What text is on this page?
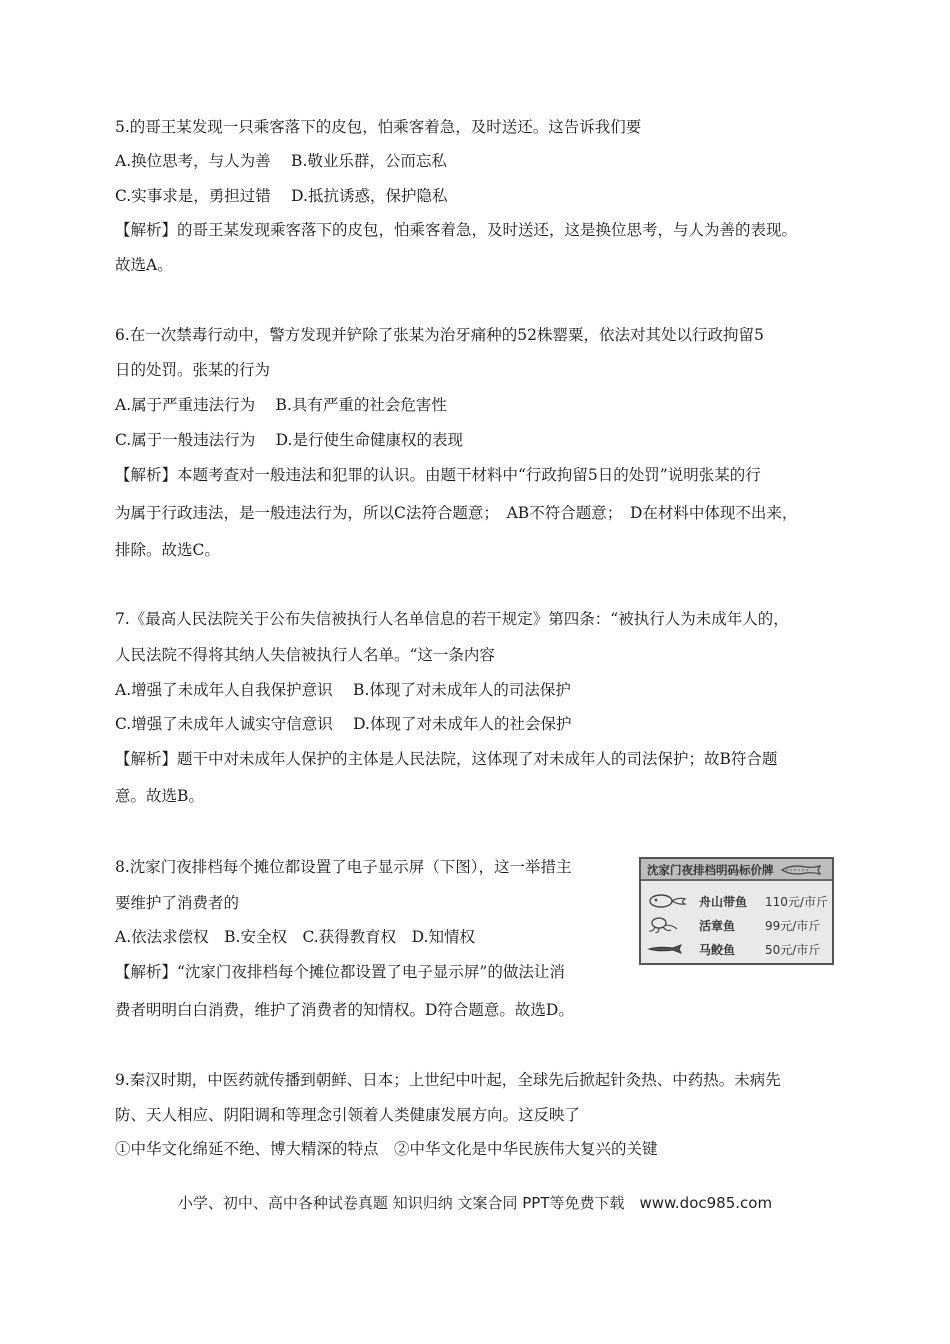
5.的哥王某发现一只乘客落下的皮包，怕乘客着急，及时送还。这告诉我们要
A.换位思考，与人为善　 B.敬业乐群，公而忘私
C.实事求是，勇担过错　 D.抵抗诱惑，保护隐私
【解析】的哥王某发现乘客落下的皮包，怕乘客着急，及时送还，这是换位思考，与人为善的表现。
故选A。
6.在一次禁毒行动中，警方发现并铲除了张某为治牙痛种的52株罂粟，依法对其处以行政拘留5
日的处罚。张某的行为
A.属于严重违法行为　 B.具有严重的社会危害性
C.属于一般违法行为　 D.是行使生命健康权的表现
【解析】本题考查对一般违法和犯罪的认识。由题干材料中“行政拘留5日的处罚”说明张某的行
为属于行政违法，是一般违法行为，所以C法符合题意；　AB不符合题意；　D在材料中体现不出来，
排除。故选C。
7.《最高人民法院关于公布失信被执行人名单信息的若干规定》第四条：“被执行人为未成年人的，
人民法院不得将其纳人失信被执行人名单。“这一条内容
A.增强了未成年人自我保护意识　 B.体现了对未成年人的司法保护
C.增强了未成年人诚实守信意识　 D.体现了对未成年人的社会保护
【解析】题干中对未成年人保护的主体是人民法院，这体现了对未成年人的司法保护；故B符合题
意。故选B。
8.沈家门夜排档每个摊位都设置了电子显示屏（下图），这一举措主
要维护了消费者的
A.依法求偿权　B.安全权　C.获得教育权　D.知情权
【解析】“沈家门夜排档每个摊位都设置了电子显示屏”的做法让消
费者明明白白消费，维护了消费者的知情权。D符合题意。故选D。
沈家门夜排档明码标价牌
舟山带鱼 110元/市斤
活章鱼 99元/市斤
马鲛鱼 50元/市斤
9.秦汉时期，中医药就传播到朝鲜、日本；上世纪中叶起，全球先后掀起针灸热、中药热。未病先
防、天人相应、阴阳调和等理念引领着人类健康发展方向。这反映了
①中华文化绵延不绝、博大精深的特点　②中华文化是中华民族伟大复兴的关键
小学、初中、高中各种试卷真题 知识归纳 文案合同 PPT等免费下载　www.doc985.com
